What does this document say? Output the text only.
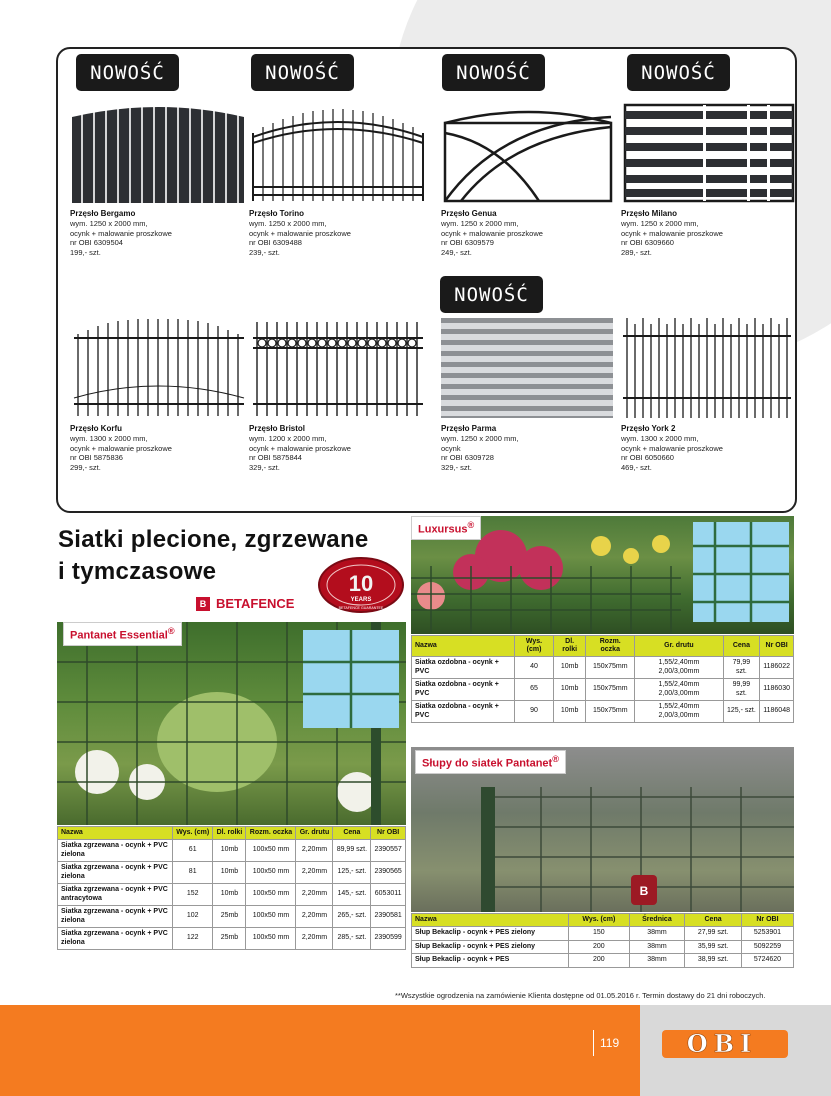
NOWOŚĆ	NOWOŚĆ	NOWOŚĆ	NOWOŚĆ
NOWOŚĆ
Przęsło Bergamo
wym. 1250 x 2000 mm,
ocynk + malowanie proszkowe
nr OBI 6309504
199,- szt.
Przęsło Torino
wym. 1250 x 2000 mm,
ocynk + malowanie proszkowe
nr OBI 6309488
239,- szt.
Przęsło Genua
wym. 1250 x 2000 mm,
ocynk + malowanie proszkowe
nr OBI 6309579
249,- szt.
Przęsło Milano
wym. 1250 x 2000 mm,
ocynk + malowanie proszkowe
nr OBI 6309660
289,- szt.
Przęsło Korfu
wym. 1300 x 2000 mm,
ocynk + malowanie proszkowe
nr OBI 5875836
299,- szt.
Przęsło Bristol
wym. 1200 x 2000 mm,
ocynk + malowanie proszkowe
nr OBI 5875844
329,- szt.
Przęsło Parma
wym. 1250 x 2000 mm,
ocynk
nr OBI 6309728
329,- szt.
Przęsło York 2
wym. 1300 x 2000 mm,
ocynk + malowanie proszkowe
nr OBI 6050660
469,- szt.
Siatki plecione, zgrzewane
i tymczasowe
B BETAFENCE
10
YEARS
BETAFENCE GUARANTEE
Luxursus®
Nazwa	Wys. (cm)	Dl. rolki	Rozm. oczka	Gr. drutu	Cena	Nr OBI
Siatka ozdobna - ocynk + PVC	40	10mb	150x75mm	1,55/2,40mm 2,00/3,00mm	79,99 szt.	1186022
Siatka ozdobna - ocynk + PVC	65	10mb	150x75mm	1,55/2,40mm 2,00/3,00mm	99,99 szt.	1186030
Siatka ozdobna - ocynk + PVC	90	10mb	150x75mm	1,55/2,40mm 2,00/3,00mm	125,- szt.	1186048
Pantanet Essential®
Nazwa	Wys. (cm)	Dl. rolki	Rozm. oczka	Gr. drutu	Cena	Nr OBI
Siatka zgrzewana - ocynk + PVC zielona	61	10mb	100x50 mm	2,20mm	89,99 szt.	2390557
Siatka zgrzewana - ocynk + PVC zielona	81	10mb	100x50 mm	2,20mm	125,- szt.	2390565
Siatka zgrzewana - ocynk + PVC antracytowa	152	10mb	100x50 mm	2,20mm	145,- szt.	6053011
Siatka zgrzewana - ocynk + PVC zielona	102	25mb	100x50 mm	2,20mm	265,- szt.	2390581
Siatka zgrzewana - ocynk + PVC zielona	122	25mb	100x50 mm	2,20mm	285,- szt.	2390599
B
Słupy do siatek Pantanet®
Nazwa	Wys. (cm)	Średnica	Cena	Nr OBI
Słup Bekaclip - ocynk + PES zielony	150	38mm	27,99 szt.	5253901
Słup Bekaclip - ocynk + PES zielony	200	38mm	35,99 szt.	5092259
Słup Bekaclip - ocynk + PES	200	38mm	38,99 szt.	5724620
**Wszystkie ogrodzenia na zamówienie Klienta dostępne od 01.05.2016 r. Termin dostawy do 21 dni roboczych.
119	OBI
